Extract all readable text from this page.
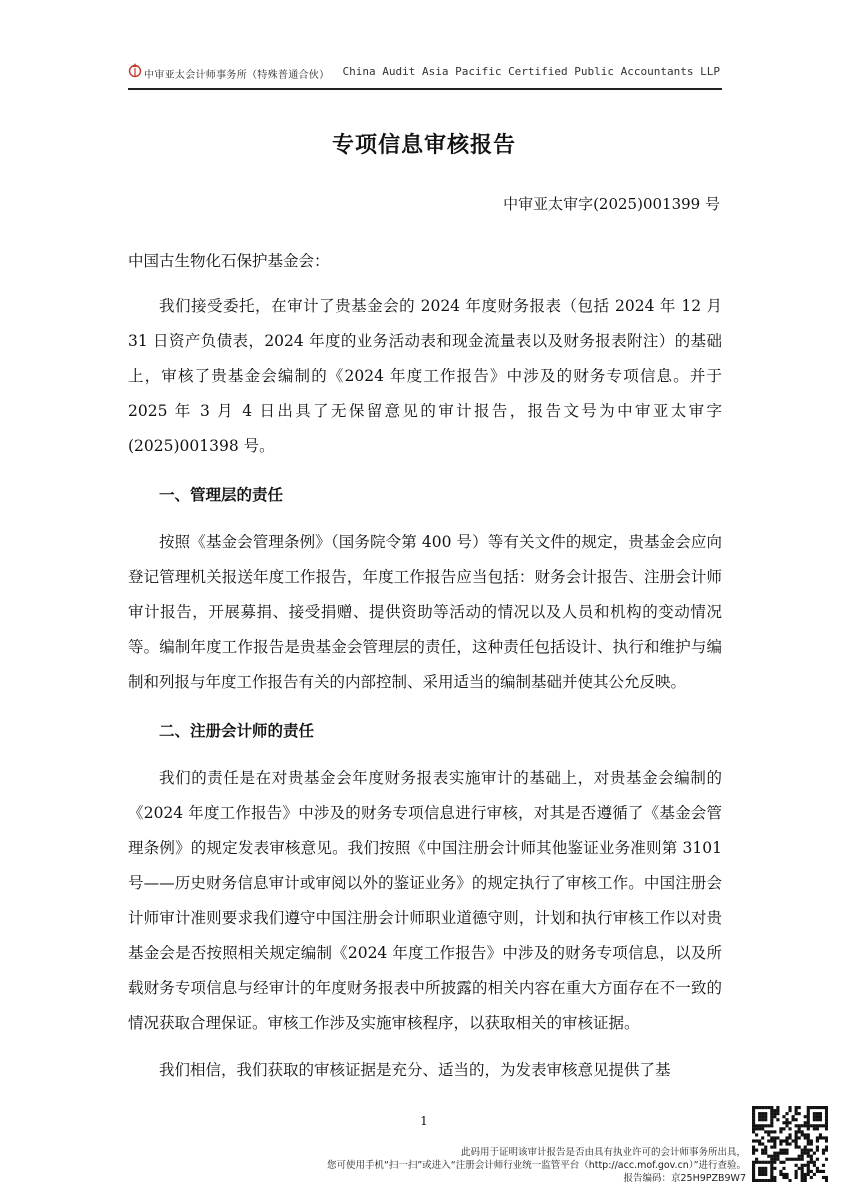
中审亚太会计师事务所（特殊普通合伙） China Audit Asia Pacific Certified Public Accountants LLP
专项信息审核报告
中审亚太审字(2025)001399 号

中国古生物化石保护基金会：

我们接受委托，在审计了贵基金会的 2024 年度财务报表（包括 2024 年 12 月 31 日资产负债表，2024 年度的业务活动表和现金流量表以及财务报表附注）的基础上，审核了贵基金会编制的《2024 年度工作报告》中涉及的财务专项信息。并于 2025 年 3 月 4 日出具了无保留意见的审计报告，报告文号为中审亚太审字(2025)001398 号。

一、管理层的责任

按照《基金会管理条例》（国务院令第 400 号）等有关文件的规定，贵基金会应向登记管理机关报送年度工作报告，年度工作报告应当包括：财务会计报告、注册会计师审计报告，开展募捐、接受捐赠、提供资助等活动的情况以及人员和机构的变动情况等。编制年度工作报告是贵基金会管理层的责任，这种责任包括设计、执行和维护与编制和列报与年度工作报告有关的内部控制、采用适当的编制基础并使其公允反映。

二、注册会计师的责任

我们的责任是在对贵基金会年度财务报表实施审计的基础上，对贵基金会编制的《2024 年度工作报告》中涉及的财务专项信息进行审核，对其是否遵循了《基金会管理条例》的规定发表审核意见。我们按照《中国注册会计师其他鉴证业务准则第 3101 号——历史财务信息审计或审阅以外的鉴证业务》的规定执行了审核工作。中国注册会计师审计准则要求我们遵守中国注册会计师职业道德守则，计划和执行审核工作以对贵基金会是否按照相关规定编制《2024 年度工作报告》中涉及的财务专项信息，以及所载财务专项信息与经审计的年度财务报表中所披露的相关内容在重大方面存在不一致的情况获取合理保证。审核工作涉及实施审核程序，以获取相关的审核证据。

我们相信，我们获取的审核证据是充分、适当的，为发表审核意见提供了基

1
此码用于证明该审计报告是否由具有执业许可的会计师事务所出具，
您可使用手机“扫一扫”或进入“注册会计师行业统一监管平台（http://acc.mof.gov.cn）”进行查验。
报告编码：京25H9PZB9W7
